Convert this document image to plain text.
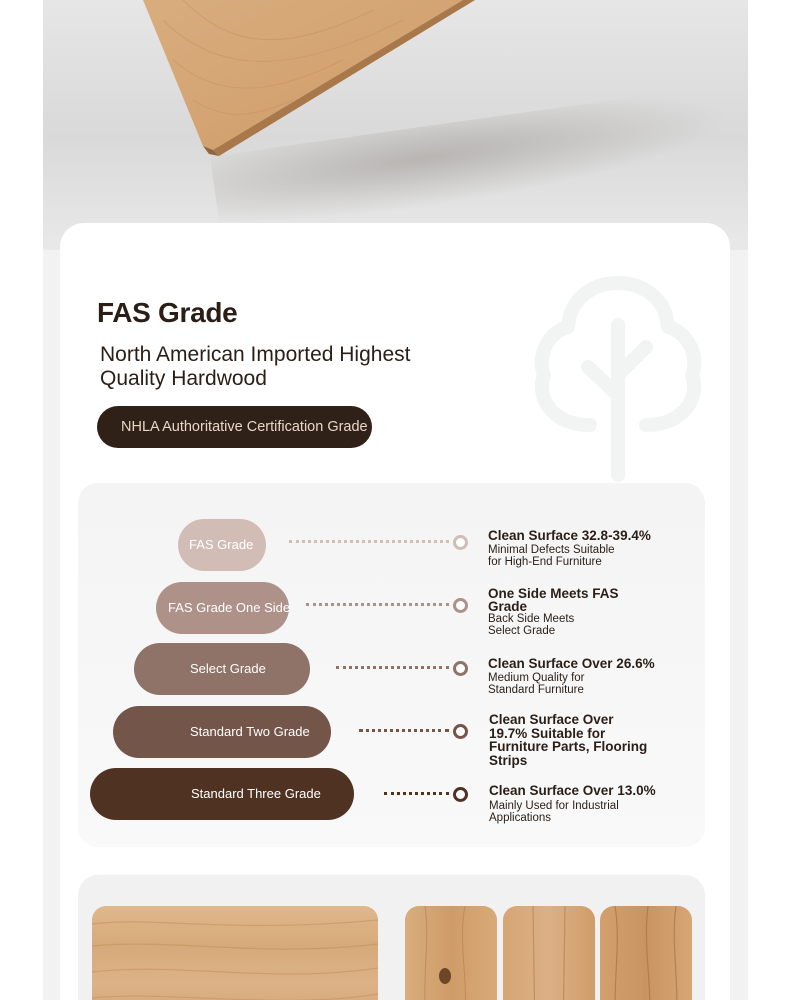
FAS Grade
North American Imported Highest Quality Hardwood
NHLA Authoritative Certification Grade
FAS Grade
Clean Surface 32.8-39.4%
Minimal Defects Suitable for High-End Furniture
FAS Grade One Side
One Side Meets FAS Grade
Back Side Meets Select Grade
Select Grade	Clean Surface Over 26.6%
Medium Quality for Standard Furniture
Standard Two Grade
Clean Surface Over 19.7% Suitable for Furniture Parts, Flooring Strips
Standard Three Grade	Clean Surface Over 13.0%
Mainly Used for Industrial Applications
